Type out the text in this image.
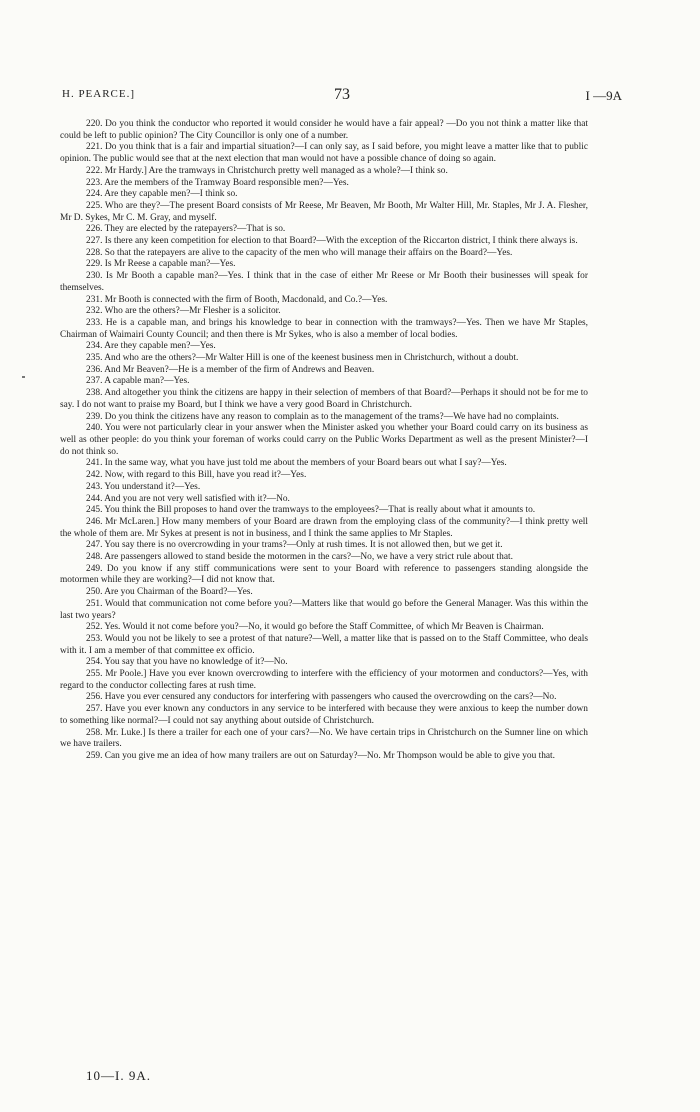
H. PEARCE.]	73	I —9A

220. Do you think the conductor who reported it would consider he would have a fair appeal? —Do you not think a matter like that could be left to public opinion? The City Councillor is only one of a number.

221. Do you think that is a fair and impartial situation?—I can only say, as I said before, you might leave a matter like that to public opinion. The public would see that at the next election that man would not have a possible chance of doing so again.

222. Mr Hardy.] Are the tramways in Christchurch pretty well managed as a whole?—I think so.

223. Are the members of the Tramway Board responsible men?—Yes.

224. Are they capable men?—I think so.

225. Who are they?—The present Board consists of Mr Reese, Mr Beaven, Mr Booth, Mr Walter Hill, Mr. Staples, Mr J. A. Flesher, Mr D. Sykes, Mr C. M. Gray, and myself.

226. They are elected by the ratepayers?—That is so.

227. Is there any keen competition for election to that Board?—With the exception of the Riccarton district, I think there always is.

228. So that the ratepayers are alive to the capacity of the men who will manage their affairs on the Board?—Yes.

229. Is Mr Reese a capable man?—Yes.

230. Is Mr Booth a capable man?—Yes. I think that in the case of either Mr Reese or Mr Booth their businesses will speak for themselves.

231. Mr Booth is connected with the firm of Booth, Macdonald, and Co.?—Yes.

232. Who are the others?—Mr Flesher is a solicitor.

233. He is a capable man, and brings his knowledge to bear in connection with the tramways?—Yes. Then we have Mr Staples, Chairman of Waimairi County Council; and then there is Mr Sykes, who is also a member of local bodies.

234. Are they capable men?—Yes.

235. And who are the others?—Mr Walter Hill is one of the keenest business men in Christchurch, without a doubt.

236. And Mr Beaven?—He is a member of the firm of Andrews and Beaven.

237. A capable man?—Yes.

238. And altogether you think the citizens are happy in their selection of members of that Board?—Perhaps it should not be for me to say. I do not want to praise my Board, but I think we have a very good Board in Christchurch.

239. Do you think the citizens have any reason to complain as to the management of the trams?—We have had no complaints.

240. You were not particularly clear in your answer when the Minister asked you whether your Board could carry on its business as well as other people: do you think your foreman of works could carry on the Public Works Department as well as the present Minister?—I do not think so.

241. In the same way, what you have just told me about the members of your Board bears out what I say?—Yes.

242. Now, with regard to this Bill, have you read it?—Yes.

243. You understand it?—Yes.

244. And you are not very well satisfied with it?—No.

245. You think the Bill proposes to hand over the tramways to the employees?—That is really about what it amounts to.

246. Mr McLaren.] How many members of your Board are drawn from the employing class of the community?—I think pretty well the whole of them are. Mr Sykes at present is not in business, and I think the same applies to Mr Staples.

247. You say there is no overcrowding in your trams?—Only at rush times. It is not allowed then, but we get it.

248. Are passengers allowed to stand beside the motormen in the cars?—No, we have a very strict rule about that.

249. Do you know if any stiff communications were sent to your Board with reference to passengers standing alongside the motormen while they are working?—I did not know that.

250. Are you Chairman of the Board?—Yes.

251. Would that communication not come before you?—Matters like that would go before the General Manager. Was this within the last two years?

252. Yes. Would it not come before you?—No, it would go before the Staff Committee, of which Mr Beaven is Chairman.

253. Would you not be likely to see a protest of that nature?—Well, a matter like that is passed on to the Staff Committee, who deals with it. I am a member of that committee ex officio.

254. You say that you have no knowledge of it?—No.

255. Mr Poole.] Have you ever known overcrowding to interfere with the efficiency of your motormen and conductors?—Yes, with regard to the conductor collecting fares at rush time.

256. Have you ever censured any conductors for interfering with passengers who caused the overcrowding on the cars?—No.

257. Have you ever known any conductors in any service to be interfered with because they were anxious to keep the number down to something like normal?—I could not say anything about outside of Christchurch.

258. Mr. Luke.] Is there a trailer for each one of your cars?—No. We have certain trips in Christchurch on the Sumner line on which we have trailers.

259. Can you give me an idea of how many trailers are out on Saturday?—No. Mr Thompson would be able to give you that.

10—I. 9A.
